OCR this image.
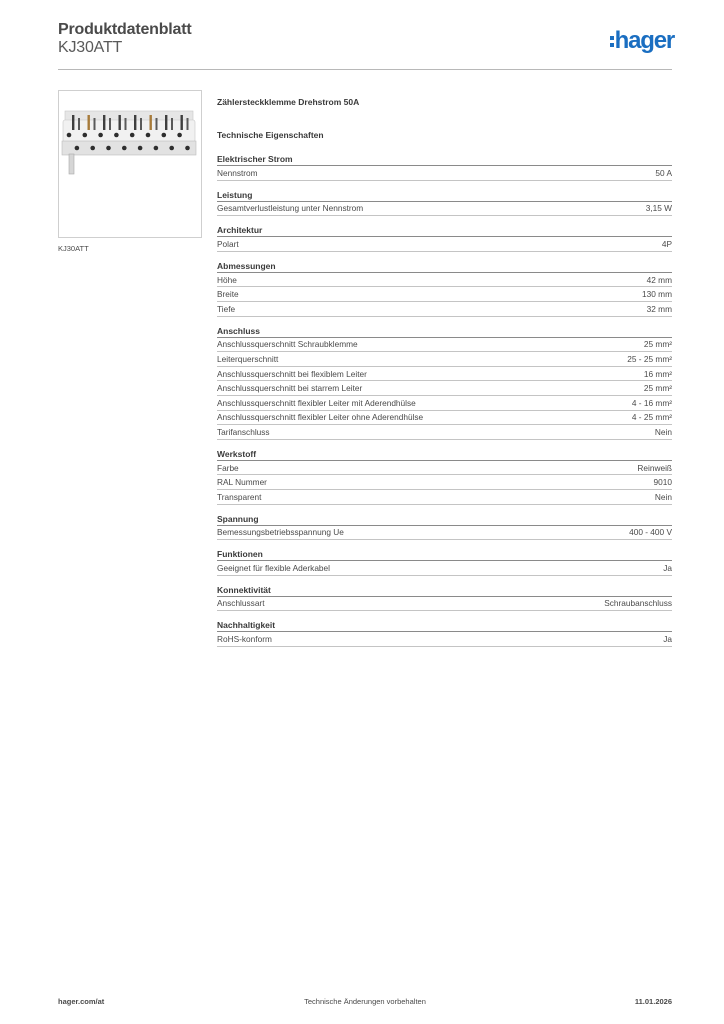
Produktdatenblatt
KJ30ATT	hager
KJ30ATT
Zählersteckklemme Drehstrom 50A
Technische Eigenschaften
Elektrischer Strom
Nennstrom	50 A
Leistung
Gesamtverlustleistung unter Nennstrom	3,15 W
Architektur
Polart	4P
Abmessungen
Höhe	42 mm
Breite	130 mm
Tiefe	32 mm
Anschluss
Anschlussquerschnitt Schraubklemme	25 mm²
Leiterquerschnitt	25 - 25 mm²
Anschlussquerschnitt bei flexiblem Leiter	16 mm²
Anschlussquerschnitt bei starrem Leiter	25 mm²
Anschlussquerschnitt flexibler Leiter mit Aderendhülse	4 - 16 mm²
Anschlussquerschnitt flexibler Leiter ohne Aderendhülse	4 - 25 mm²
Tarifanschluss	Nein
Werkstoff
Farbe	Reinweiß
RAL Nummer	9010
Transparent	Nein
Spannung
Bemessungsbetriebsspannung Ue	400 - 400 V
Funktionen
Geeignet für flexible Aderkabel	Ja
Konnektivität
Anschlussart	Schraubanschluss
Nachhaltigkeit
RoHS-konform	Ja
hager.com/at	Technische Änderungen vorbehalten	11.01.2026
